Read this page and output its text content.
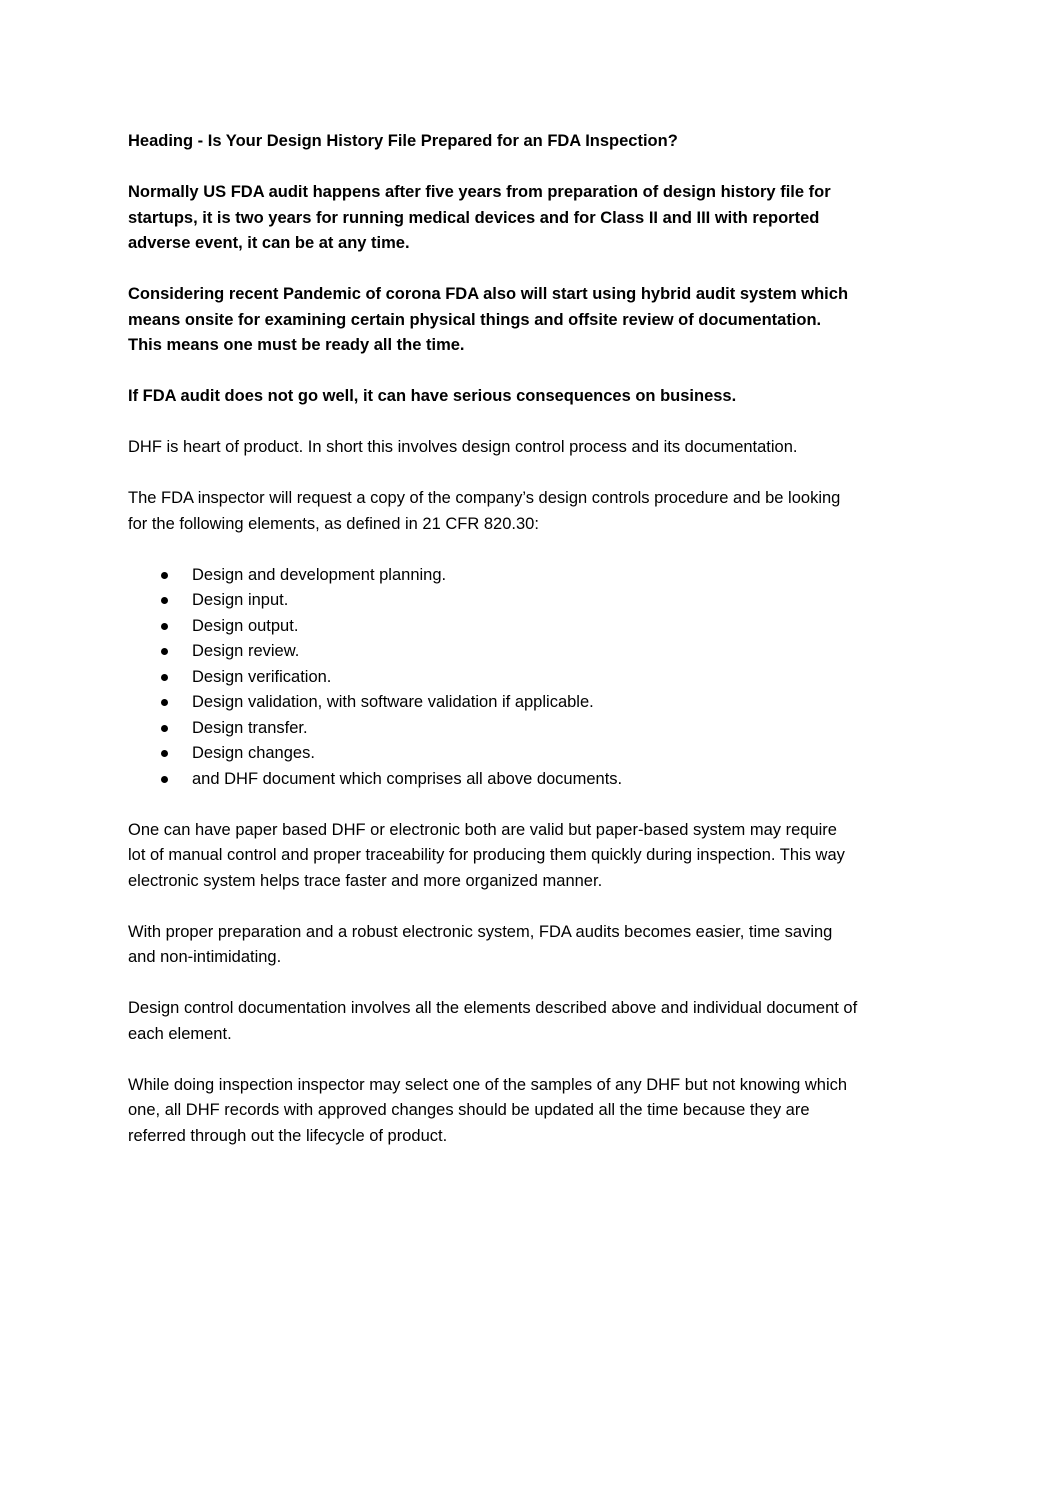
Heading - Is Your Design History File Prepared for an FDA Inspection?

Normally US FDA audit happens after five years from preparation of design history file for startups, it is two years for running medical devices and for Class II and III with reported adverse event, it can be at any time.

Considering recent Pandemic of corona FDA also will start using hybrid audit system which means onsite for examining certain physical things and offsite review of documentation. This means one must be ready all the time.

If FDA audit does not go well, it can have serious consequences on business.

DHF is heart of product. In short this involves design control process and its documentation.

The FDA inspector will request a copy of the company’s design controls procedure and be looking for the following elements, as defined in 21 CFR 820.30:

Design and development planning.
Design input.
Design output.
Design review.
Design verification.
Design validation, with software validation if applicable.
Design transfer.
Design changes.
and DHF document which comprises all above documents.

One can have paper based DHF or electronic both are valid but paper-based system may require lot of manual control and proper traceability for producing them quickly during inspection. This way electronic system helps trace faster and more organized manner.

With proper preparation and a robust electronic system, FDA audits becomes easier, time saving and non-intimidating.

Design control documentation involves all the elements described above and individual document of each element.

While doing inspection inspector may select one of the samples of any DHF but not knowing which one, all DHF records with approved changes should be updated all the time because they are referred through out the lifecycle of product.
